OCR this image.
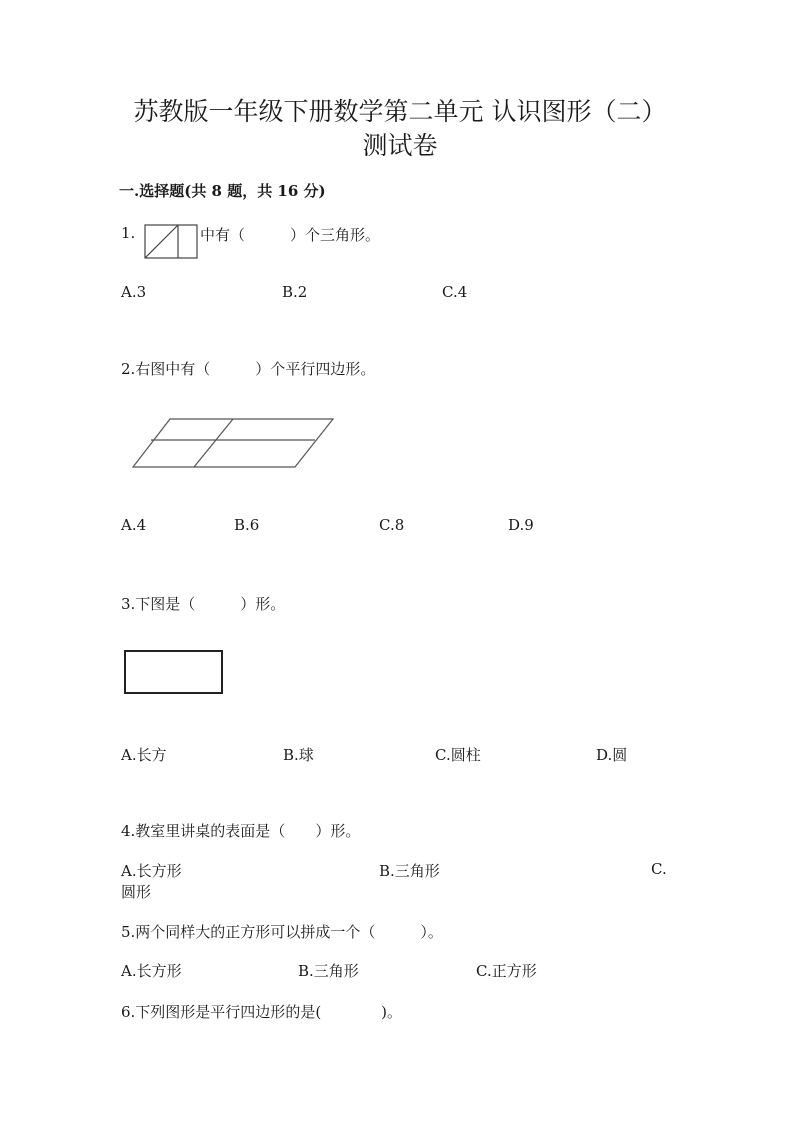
苏教版一年级下册数学第二单元 认识图形（二）
测试卷
一.选择题(共 8 题，共 16 分)
1.	中有（　　　）个三角形。
A.3	B.2	C.4
2.右图中有（　　　）个平行四边形。
A.4	B.6	C.8	D.9
3.下图是（　　　）形。
A.长方	B.球	C.圆柱	D.圆
4.教室里讲桌的表面是（　　）形。
A.长方形	B.三角形	C.
圆形
5.两个同样大的正方形可以拼成一个（　　　）。
A.长方形	B.三角形	C.正方形
6.下列图形是平行四边形的是(　　　　)。
